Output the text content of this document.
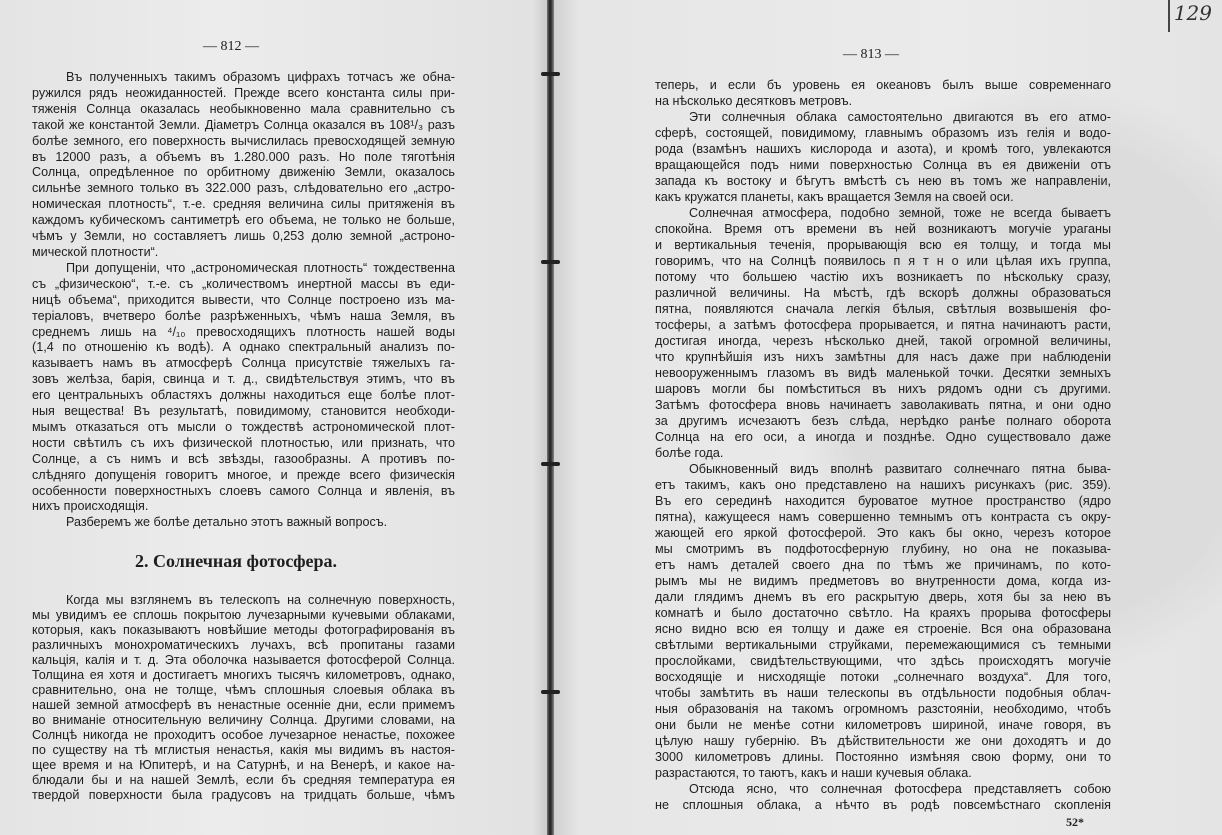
— 812 —
Въ полученныхъ такимъ образомъ цифрахъ тотчасъ же обна-
ружился рядъ неожиданностей. Прежде всего константа силы при-
тяженія Солнца оказалась необыкновенно мала сравнительно съ
такой же константой Земли. Діаметръ Солнца оказался въ 108¹/₃ разъ
болѣе земного, его поверхность вычислилась превосходящей земную
въ 12000 разъ, а объемъ въ 1.280.000 разъ. Но поле тяготѣнія
Солнца, опредѣленное по орбитному движенію Земли, оказалось
сильнѣе земного только въ 322.000 разъ, слѣдовательно его „астро-
номическая плотность“, т.-е. средняя величина силы притяженія въ
каждомъ кубическомъ сантиметрѣ его объема, не только не больше,
чѣмъ у Земли, но составляетъ лишь 0,253 долю земной „астроно-
мической плотности“.
При допущеніи, что „астрономическая плотность“ тождественна
съ „физическою“, т.-е. съ „количествомъ инертной массы въ еди-
ницѣ объема“, приходится вывести, что Солнце построено изъ ма-
теріаловъ, вчетверо болѣе разрѣженныхъ, чѣмъ наша Земля, въ
среднемъ лишь на ⁴/₁₀ превосходящихъ плотность нашей воды
(1,4 по отношенію къ водѣ). А однако спектральный анализъ по-
казываетъ намъ въ атмосферѣ Солнца присутствіе тяжелыхъ га-
зовъ желѣза, барія, свинца и т. д., свидѣтельствуя этимъ, что въ
его центральныхъ областяхъ должны находиться еще болѣе плот-
ныя вещества! Въ результатѣ, повидимому, становится необходи-
мымъ отказаться отъ мысли о тождествѣ астрономической плот-
ности свѣтилъ съ ихъ физической плотностью, или признать, что
Солнце, а съ нимъ и всѣ звѣзды, газообразны. А противъ по-
слѣдняго допущенія говоритъ многое, и прежде всего физическія
особенности поверхностныхъ слоевъ самого Солнца и явленія, въ
нихъ происходящія.
Разберемъ же болѣе детально этотъ важный вопросъ.
2. Солнечная фотосфера.
Когда мы взглянемъ въ телескопъ на солнечную поверхность,
мы увидимъ ее сплошь покрытою лучезарными кучевыми облаками,
которыя, какъ показываютъ новѣйшие методы фотографированія въ
различныхъ монохроматическихъ лучахъ, всѣ пропитаны газами
кальція, калія и т. д. Эта оболочка называется фотосферой Солнца.
Толщина ея хотя и достигаетъ многихъ тысячъ километровъ, однако,
сравнительно, она не толще, чѣмъ сплошныя слоевыя облака въ
нашей земной атмосферѣ въ ненастные осенніе дни, если примемъ
во вниманіе относительную величину Солнца. Другими словами, на
Солнцѣ никогда не проходитъ особое лучезарное ненастье, похожее
по существу на тѣ мглистыя ненастья, какія мы видимъ въ настоя-
щее время и на Юпитерѣ, и на Сатурнѣ, и на Венерѣ, и какое на-
блюдали бы и на нашей Землѣ, если бъ средняя температура ея
твердой поверхности была градусовъ на тридцать больше, чѣмъ
129
— 813 —
теперь, и если бъ уровень ея океановъ былъ выше современнаго
на нѣсколько десятковъ метровъ.
Эти солнечныя облака самостоятельно двигаются въ его атмо-
сферѣ, состоящей, повидимому, главнымъ образомъ изъ гелія и водо-
рода (взамѣнъ нашихъ кислорода и азота), и кромѣ того, увлекаются
вращающейся подъ ними поверхностью Солнца въ ея движеніи отъ
запада къ востоку и бѣгутъ вмѣстѣ съ нею въ томъ же направленіи,
какъ кружатся планеты, какъ вращается Земля на своей оси.
Солнечная атмосфера, подобно земной, тоже не всегда бываетъ
спокойна. Время отъ времени въ ней возникаютъ могучіе ураганы
и вертикальныя теченія, прорывающія всю ея толщу, и тогда мы
говоримъ, что на Солнцѣ появилось п я т н о или цѣлая ихъ группа,
потому что большею частію ихъ возникаетъ по нѣскольку сразу,
различной величины. На мѣстѣ, гдѣ вскорѣ должны образоваться
пятна, появляются сначала легкія бѣлыя, свѣтлыя возвышенія фо-
тосферы, а затѣмъ фотосфера прорывается, и пятна начинаютъ расти,
достигая иногда, черезъ нѣсколько дней, такой огромной величины,
что крупнѣйшія изъ нихъ замѣтны для насъ даже при наблюденіи
невооруженнымъ глазомъ въ видѣ маленькой точки. Десятки земныхъ
шаровъ могли бы помѣститься въ нихъ рядомъ одни съ другими.
Затѣмъ фотосфера вновь начинаетъ заволакивать пятна, и они одно
за другимъ исчезаютъ безъ слѣда, нерѣдко ранѣе полнаго оборота
Солнца на его оси, а иногда и позднѣе. Одно существовало даже
болѣе года.
Обыкновенный видъ вполнѣ развитаго солнечнаго пятна быва-
етъ такимъ, какъ оно представлено на нашихъ рисункахъ (рис. 359).
Въ его серединѣ находится буроватое мутное пространство (ядро
пятна), кажущееся намъ совершенно темнымъ отъ контраста съ окру-
жающей его яркой фотосферой. Это какъ бы окно, черезъ которое
мы смотримъ въ подфотосферную глубину, но она не показыва-
етъ намъ деталей своего дна по тѣмъ же причинамъ, по кото-
рымъ мы не видимъ предметовъ во внутренности дома, когда из-
дали глядимъ днемъ въ его раскрытую дверь, хотя бы за нею въ
комнатѣ и было достаточно свѣтло. На краяхъ прорыва фотосферы
ясно видно всю ея толщу и даже ея строеніе. Вся она образована
свѣтлыми вертикальными струйками, перемежающимися съ темными
прослойками, свидѣтельствующими, что здѣсь происходятъ могучіе
восходящіе и нисходящіе потоки „солнечнаго воздуха“. Для того,
чтобы замѣтить въ наши телескопы въ отдѣльности подобныя облач-
ныя образованія на такомъ огромномъ разстояніи, необходимо, чтобъ
они были не менѣе сотни километровъ шириной, иначе говоря, въ
цѣлую нашу губернію. Въ дѣйствительности же они доходятъ и до
3000 километровъ длины. Постоянно измѣняя свою форму, они то
разрастаются, то таютъ, какъ и наши кучевыя облака.
Отсюда ясно, что солнечная фотосфера представляетъ собою
не сплошныя облака, а нѣчто въ родѣ повсемѣстнаго скопленія
52*
